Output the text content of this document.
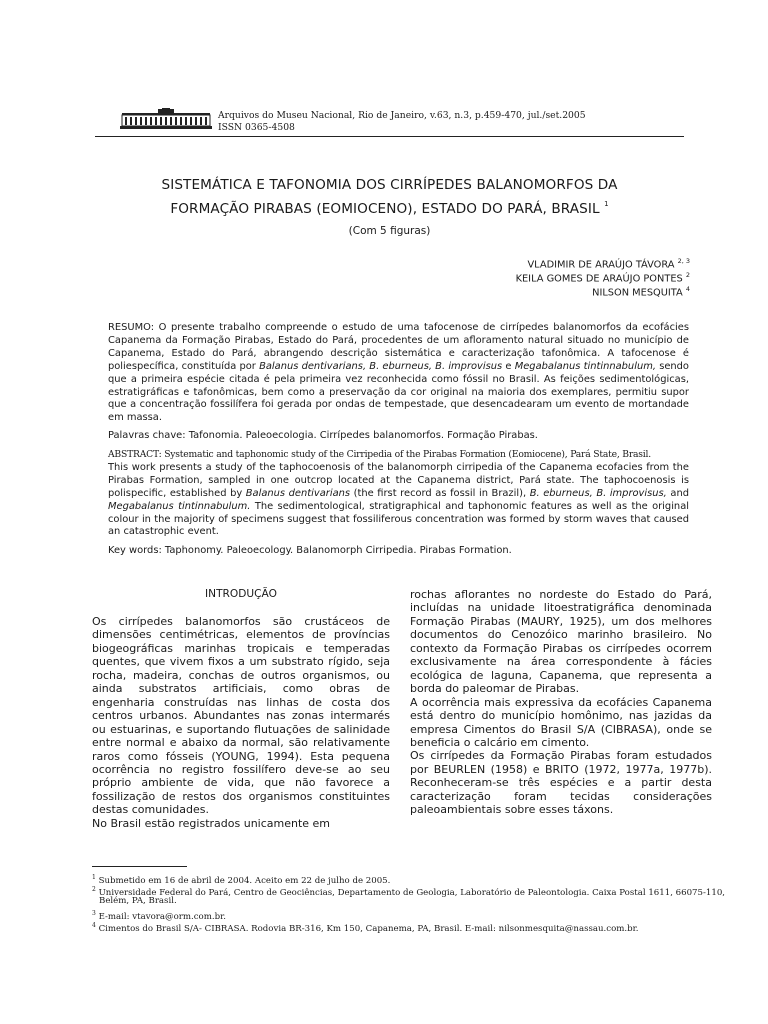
Arquivos do Museu Nacional, Rio de Janeiro, v.63, n.3, p.459-470, jul./set.2005
ISSN 0365-4508
SISTEMÁTICA E TAFONOMIA DOS CIRRÍPEDES BALANOMORFOS DA
FORMAÇÃO PIRABAS (EOMIOCENO), ESTADO DO PARÁ, BRASIL $^1$
(Com 5 figuras)
VLADIMIR DE ARAÚJO TÁVORA $^{2, 3}$
KEILA GOMES DE ARAÚJO PONTES $^2$
NILSON MESQUITA $^4$
RESUMO: O presente trabalho compreende o estudo de uma tafocenose de cirrípedes balanomorfos da ecofácies Capanema da Formação Pirabas, Estado do Pará, procedentes de um afloramento natural situado no município de Capanema, Estado do Pará, abrangendo descrição sistemática e caracterização tafonômica. A tafocenose é poliespecífica, constituída por Balanus dentivarians, B. eburneus, B. improvisus e Megabalanus tintinnabulum, sendo que a primeira espécie citada é pela primeira vez reconhecida como fóssil no Brasil. As feições sedimentológicas, estratigráficas e tafonômicas, bem como a preservação da cor original na maioria dos exemplares, permitiu supor que a concentração fossilífera foi gerada por ondas de tempestade, que desencadearam um evento de mortandade em massa.
Palavras chave: Tafonomia. Paleoecologia. Cirrípedes balanomorfos. Formação Pirabas.
ABSTRACT: Systematic and taphonomic study of the Cirripedia of the Pirabas Formation (Eomiocene), Pará State, Brasil.
This work presents a study of the taphocoenosis of the balanomorph cirripedia of the Capanema ecofacies from the Pirabas Formation, sampled in one outcrop located at the Capanema district, Pará state. The taphocoenosis is polispecific, established by Balanus dentivarians (the first record as fossil in Brazil), B. eburneus, B. improvisus, and Megabalanus tintinnabulum. The sedimentological, stratigraphical and taphonomic features as well as the original colour in the majority of specimens suggest that fossiliferous concentration was formed by storm waves that caused an catastrophic event.
Key words: Taphonomy. Paleoecology. Balanomorph Cirripedia. Pirabas Formation.
INTRODUÇÃO

Os cirrípedes balanomorfos são crustáceos de dimensões centimétricas, elementos de províncias biogeográficas marinhas tropicais e temperadas quentes, que vivem fixos a um substrato rígido, seja rocha, madeira, conchas de outros organismos, ou ainda substratos artificiais, como obras de engenharia construídas nas linhas de costa dos centros urbanos. Abundantes nas zonas intermarés ou estuarinas, e suportando flutuações de salinidade entre normal e abaixo da normal, são relativamente raros como fósseis (YOUNG, 1994). Esta pequena ocorrência no registro fossilífero deve-se ao seu próprio ambiente de vida, que não favorece a fossilização de restos dos organismos constituintes destas comunidades.

No Brasil estão registrados unicamente em

rochas aflorantes no nordeste do Estado do Pará, incluídas na unidade litoestratigráfica denominada Formação Pirabas (MAURY, 1925), um dos melhores documentos do Cenozóico marinho brasileiro. No contexto da Formação Pirabas os cirrípedes ocorrem exclusivamente na área correspondente à fácies ecológica de laguna, Capanema, que representa a borda do paleomar de Pirabas.

A ocorrência mais expressiva da ecofácies Capanema está dentro do município homônimo, nas jazidas da empresa Cimentos do Brasil S/A (CIBRASA), onde se beneficia o calcário em cimento.

Os cirrípedes da Formação Pirabas foram estudados por BEURLEN (1958) e BRITO (1972, 1977a, 1977b). Reconheceram-se três espécies e a partir desta caracterização foram tecidas considerações paleoambientais sobre esses táxons.

$^1$ Submetido em 16 de abril de 2004. Aceito em 22 de julho de 2005.
$^2$ Universidade Federal do Pará, Centro de Geociências, Departamento de Geologia, Laboratório de Paleontologia. Caixa Postal 1611, 66075-110,
Belém, PA, Brasil.
$^3$ E-mail: vtavora@orm.com.br.
$^4$ Cimentos do Brasil S/A- CIBRASA. Rodovia BR-316, Km 150, Capanema, PA, Brasil. E-mail: nilsonmesquita@nassau.com.br.
